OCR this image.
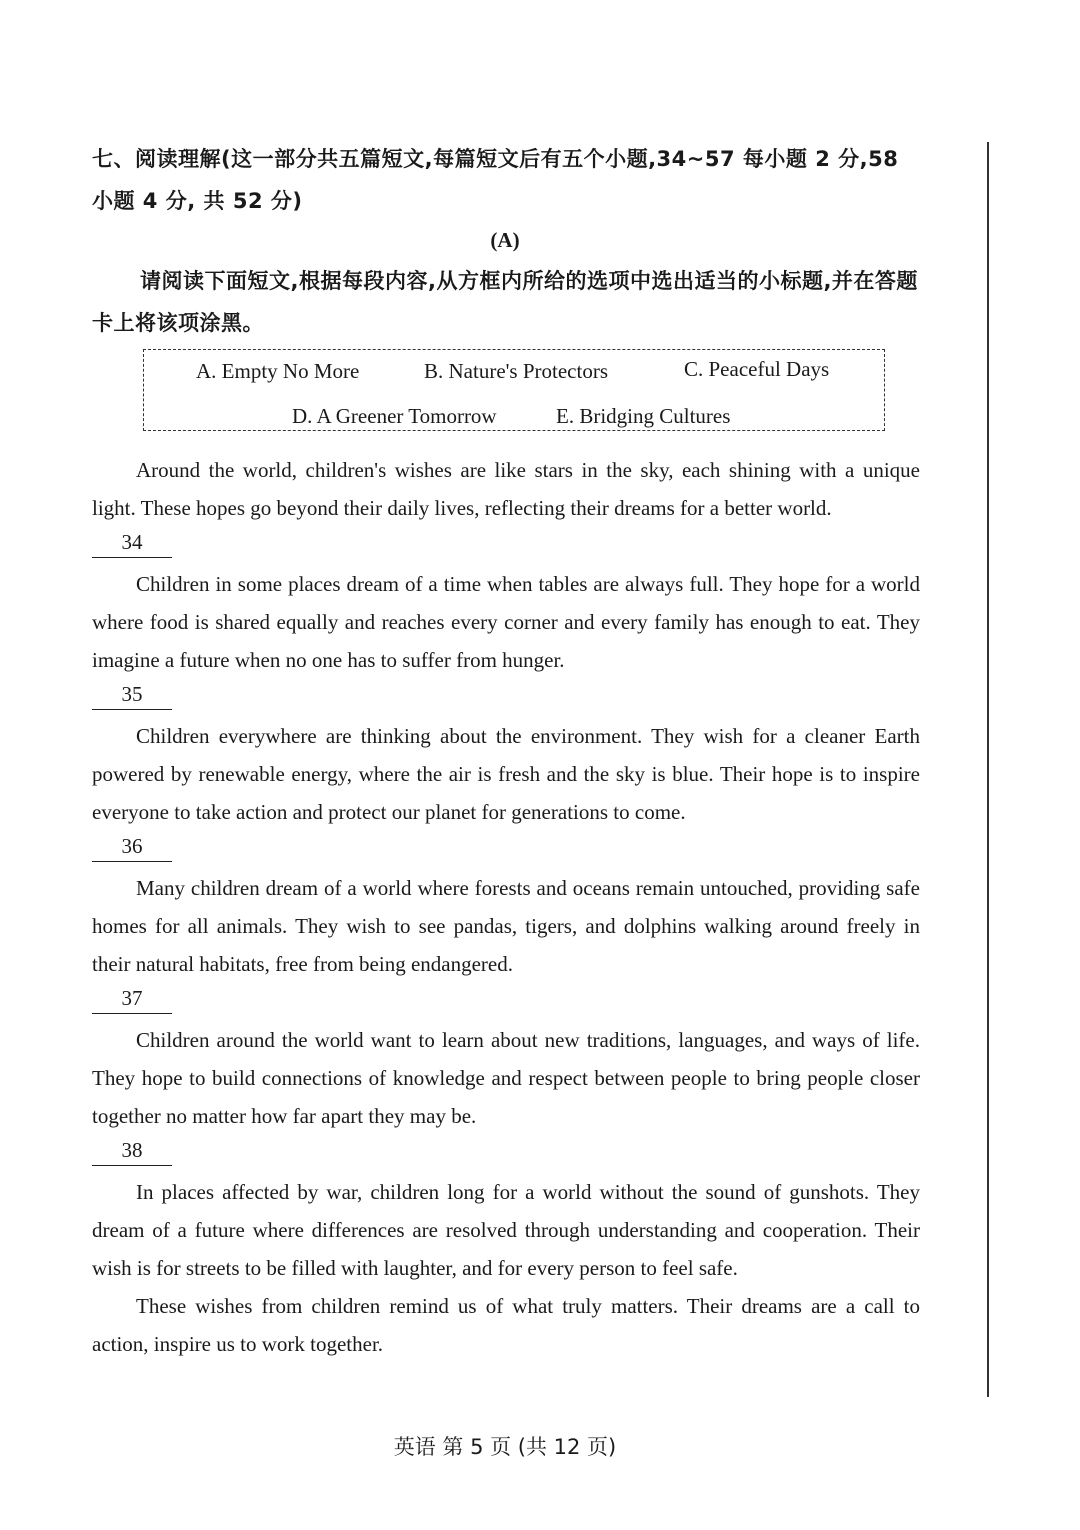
七、阅读理解(这一部分共五篇短文,每篇短文后有五个小题,34~57 每小题 2 分,58 小题 4 分, 共 52 分)
(A)
请阅读下面短文,根据每段内容,从方框内所给的选项中选出适当的小标题,并在答题卡上将该项涂黑。
A. Empty No More	B. Nature's Protectors	C. Peaceful Days
D. A Greener Tomorrow	E. Bridging Cultures

Around the world, children's wishes are like stars in the sky, each shining with a unique light. These hopes go beyond their daily lives, reflecting their dreams for a better world.

34

Children in some places dream of a time when tables are always full. They hope for a world where food is shared equally and reaches every corner and every family has enough to eat. They imagine a future when no one has to suffer from hunger.

35

Children everywhere are thinking about the environment. They wish for a cleaner Earth powered by renewable energy, where the air is fresh and the sky is blue. Their hope is to inspire everyone to take action and protect our planet for generations to come.

36

Many children dream of a world where forests and oceans remain untouched, providing safe homes for all animals. They wish to see pandas, tigers, and dolphins walking around freely in their natural habitats, free from being endangered.

37

Children around the world want to learn about new traditions, languages, and ways of life. They hope to build connections of knowledge and respect between people to bring people closer together no matter how far apart they may be.

38

In places affected by war, children long for a world without the sound of gunshots. They dream of a future where differences are resolved through understanding and cooperation. Their wish is for streets to be filled with laughter, and for every person to feel safe.

These wishes from children remind us of what truly matters. Their dreams are a call to action, inspire us to work together.

英语 第 5 页 (共 12 页)
